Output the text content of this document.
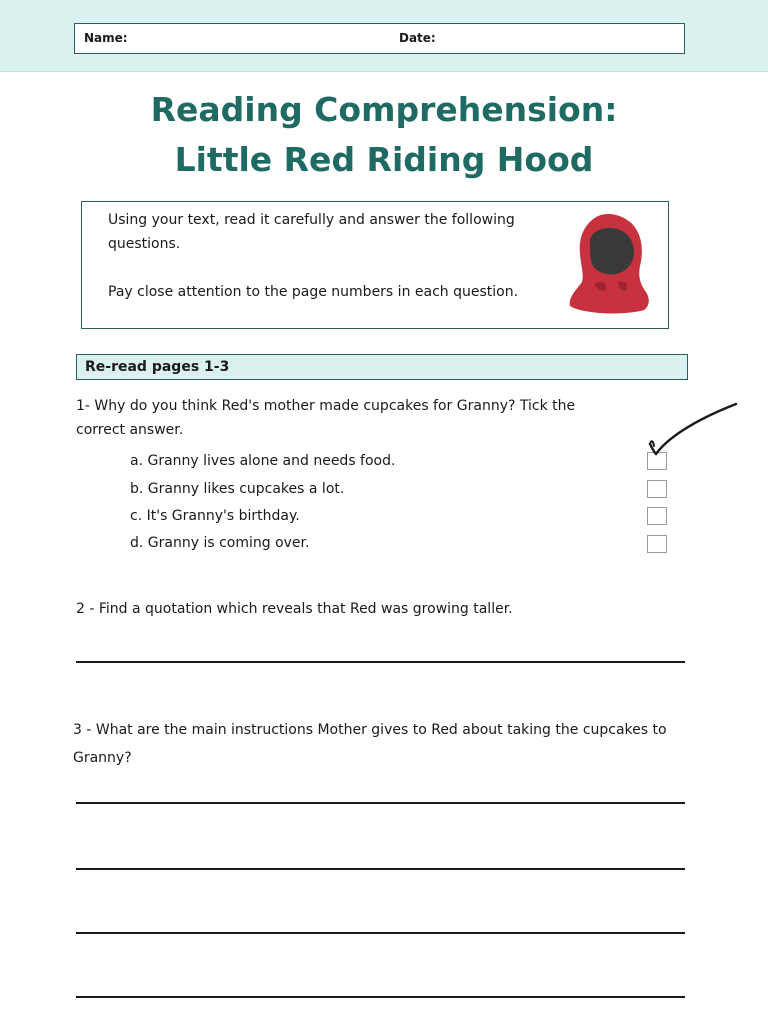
Name:	Date:
Reading Comprehension:
Little Red Riding Hood

Using your text, read it carefully and answer the following questions.

Pay close attention to the page numbers in each question.

Re-read pages 1-3
1- Why do you think Red's mother made cupcakes for Granny? Tick the correct answer.
a. Granny lives alone and needs food.
b. Granny likes cupcakes a lot.
c. It's Granny's birthday.
d. Granny is coming over.
2 - Find a quotation which reveals that Red was growing taller.
3 - What are the main instructions Mother gives to Red about taking the cupcakes to Granny?
